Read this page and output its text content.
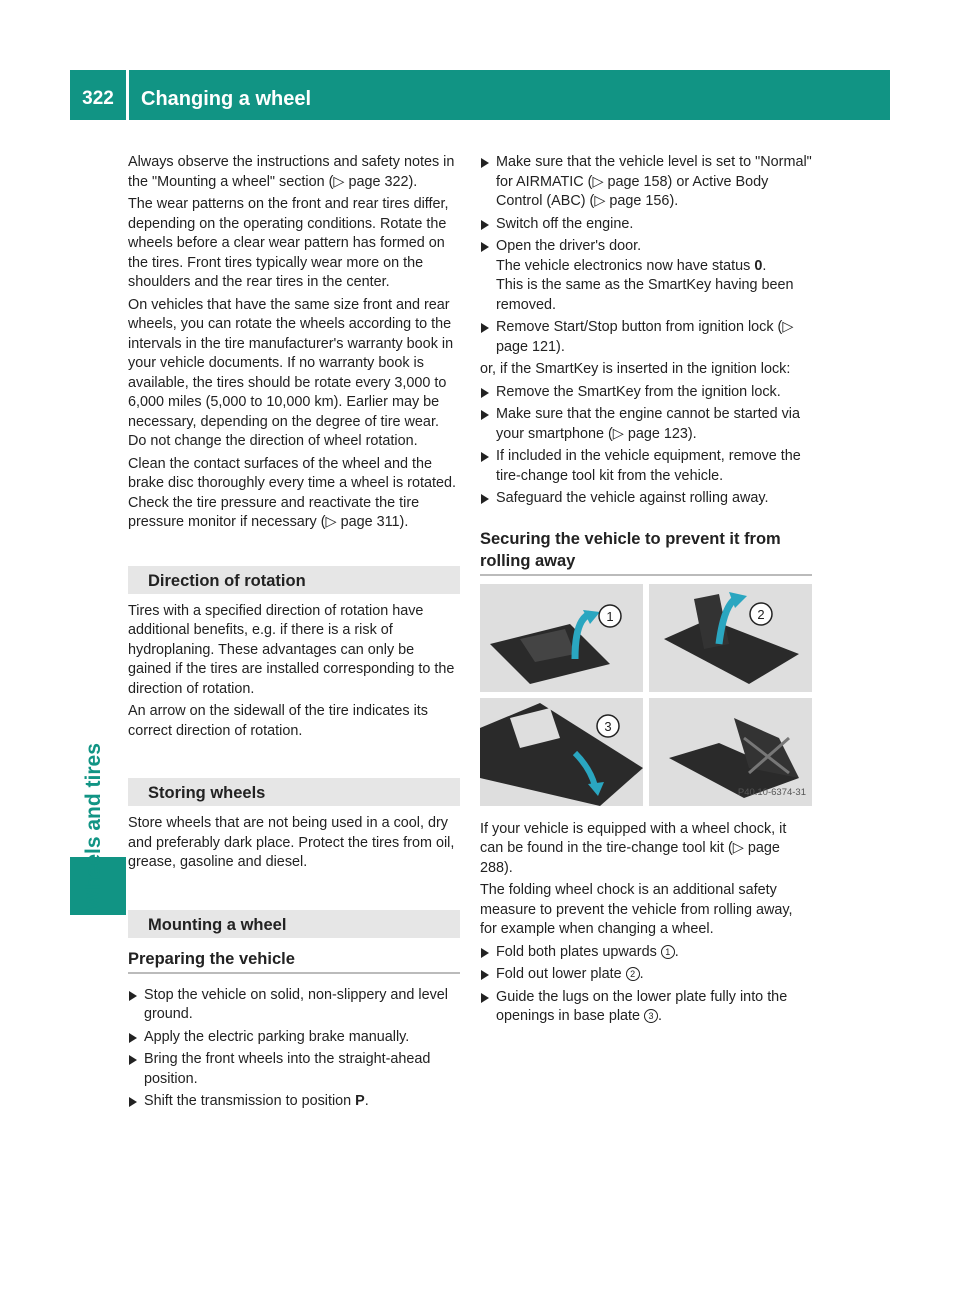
322	Changing a wheel
Wheels and tires

Always observe the instructions and safety notes in the "Mounting a wheel" section (▷ page 322).

The wear patterns on the front and rear tires differ, depending on the operating conditions. Rotate the wheels before a clear wear pattern has formed on the tires. Front tires typically wear more on the shoulders and the rear tires in the center.

On vehicles that have the same size front and rear wheels, you can rotate the wheels according to the intervals in the tire manufacturer's warranty book in your vehicle documents. If no warranty book is available, the tires should be rotate every 3,000 to 6,000 miles (5,000 to 10,000 km). Earlier may be necessary, depending on the degree of tire wear. Do not change the direction of wheel rotation.

Clean the contact surfaces of the wheel and the brake disc thoroughly every time a wheel is rotated. Check the tire pressure and reactivate the tire pressure monitor if necessary (▷ page 311).

Direction of rotation

Tires with a specified direction of rotation have additional benefits, e.g. if there is a risk of hydroplaning. These advantages can only be gained if the tires are installed corresponding to the direction of rotation.

An arrow on the sidewall of the tire indicates its correct direction of rotation.

Storing wheels

Store wheels that are not being used in a cool, dry and preferably dark place. Protect the tires from oil, grease, gasoline and diesel.

Mounting a wheel
Preparing the vehicle
Stop the vehicle on solid, non-slippery and level ground.
Apply the electric parking brake manually.
Bring the front wheels into the straight-ahead position.
Shift the transmission to position P.
Make sure that the vehicle level is set to "Normal" for AIRMATIC (▷ page 158) or Active Body Control (ABC) (▷ page 156).
Switch off the engine.
Open the driver's door.
The vehicle electronics now have status 0.
This is the same as the SmartKey having been removed.
Remove Start/Stop button from ignition lock (▷ page 121).

or, if the SmartKey is inserted in the ignition lock:

Remove the SmartKey from the ignition lock.
Make sure that the engine cannot be started via your smartphone (▷ page 123).
If included in the vehicle equipment, remove the tire-change tool kit from the vehicle.
Safeguard the vehicle against rolling away.
Securing the vehicle to prevent it from rolling away
1	2
3
P40.10-6374-31

If your vehicle is equipped with a wheel chock, it can be found in the tire-change tool kit (▷ page 288).

The folding wheel chock is an additional safety measure to prevent the vehicle from rolling away, for example when changing a wheel.

Fold both plates upwards 1 .
Fold out lower plate 2 .
Guide the lugs on the lower plate fully into the openings in base plate 3 .
